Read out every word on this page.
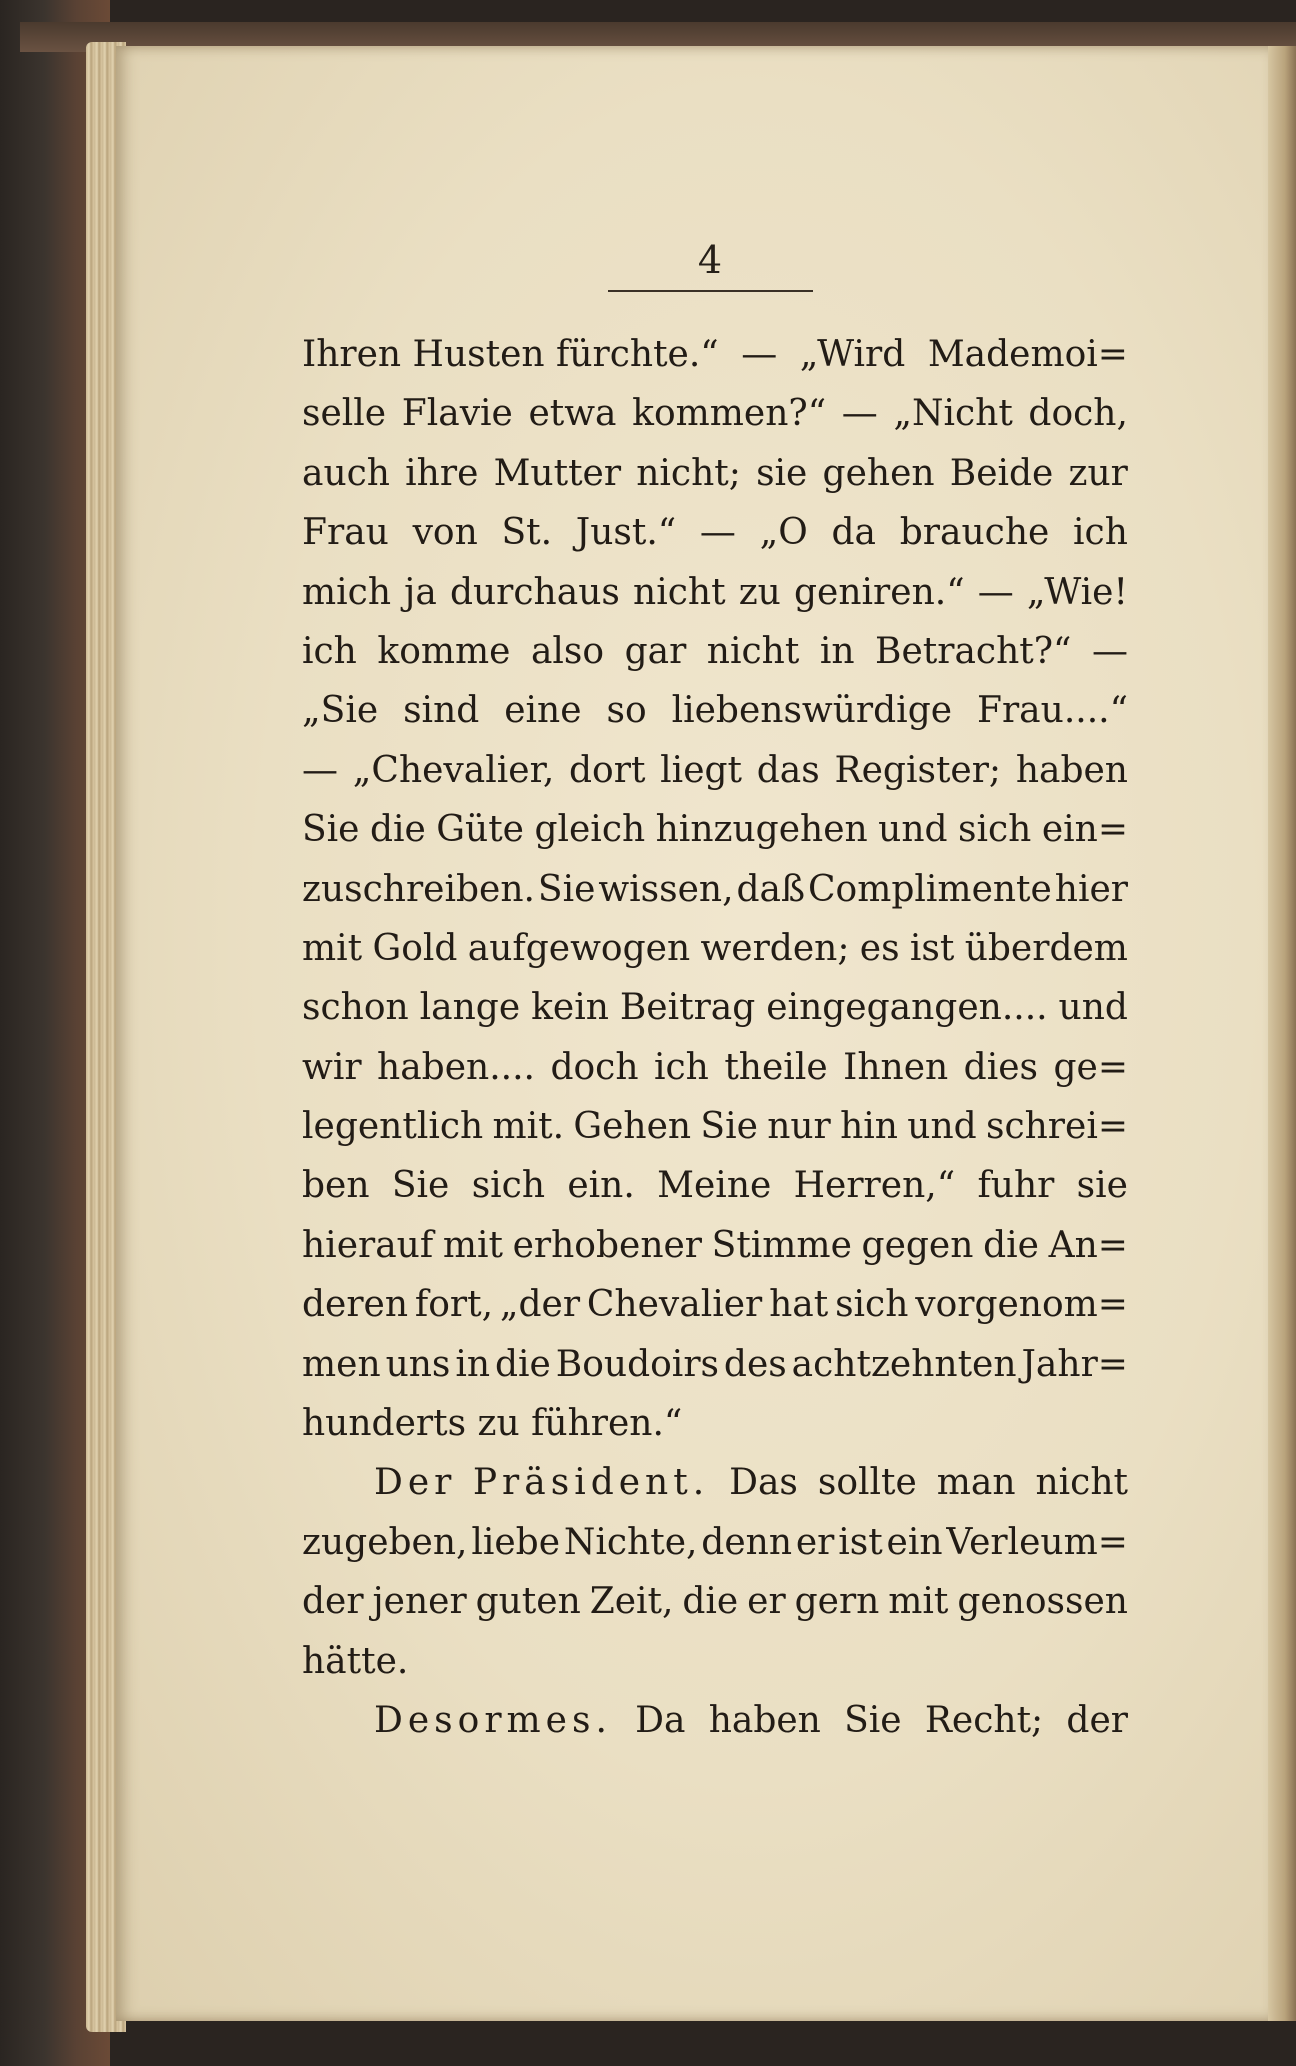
4
Ihren Husten fürchte.“ — „Wird Mademoi=
selle Flavie etwa kommen?“ — „Nicht doch,
auch ihre Mutter nicht; sie gehen Beide zur
Frau von St. Just.“ — „O da brauche ich
mich ja durchaus nicht zu geniren.“ — „Wie!
ich komme also gar nicht in Betracht?“ —
„Sie sind eine so liebenswürdige Frau....“
— „Chevalier, dort liegt das Register; haben
Sie die Güte gleich hinzugehen und sich ein=
zuschreiben. Sie wissen, daß Complimente hier
mit Gold aufgewogen werden; es ist überdem
schon lange kein Beitrag eingegangen.... und
wir haben.... doch ich theile Ihnen dies ge=
legentlich mit. Gehen Sie nur hin und schrei=
ben Sie sich ein. Meine Herren,“ fuhr sie
hierauf mit erhobener Stimme gegen die An=
deren fort, „der Chevalier hat sich vorgenom=
men uns in die Boudoirs des achtzehnten Jahr=
hunderts zu führen.“
Der Präsident. Das sollte man nicht
zugeben, liebe Nichte, denn er ist ein Verleum=
der jener guten Zeit, die er gern mit genossen
hätte.
Desormes. Da haben Sie Recht; der
